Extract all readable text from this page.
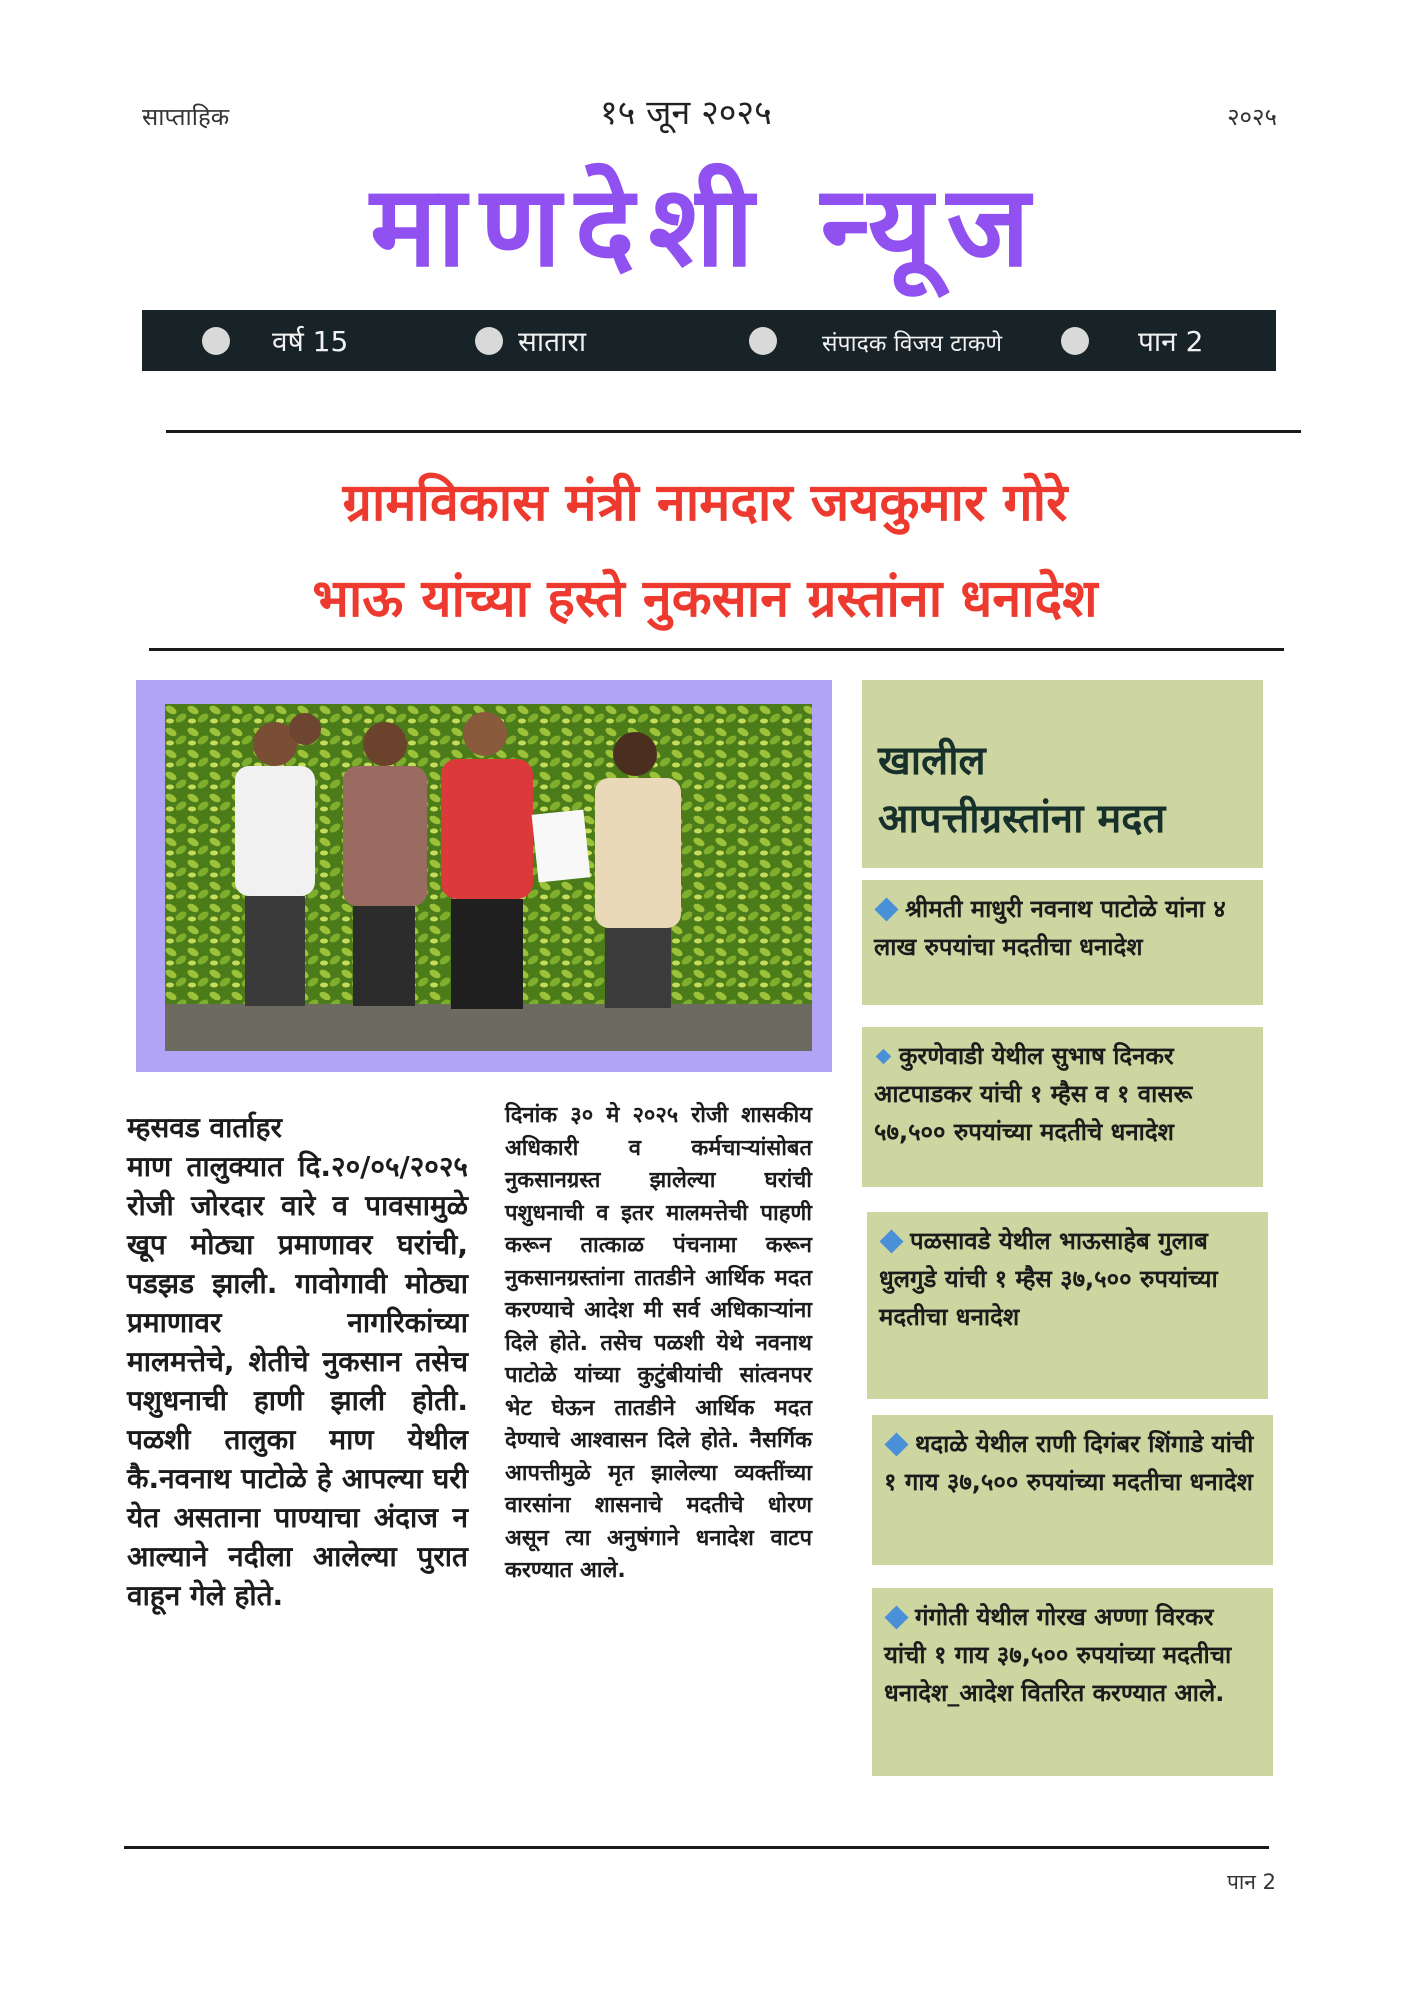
साप्ताहिक	१५ जून २०२५	२०२५
माणदेशी न्यूज
वर्ष 15	सातारा	संपादक विजय टाकणे	पान 2
ग्रामविकास मंत्री नामदार जयकुमार गोरे
भाऊ यांच्या हस्ते नुकसान ग्रस्तांना धनादेश
म्हसवड वार्ताहर
माण तालुक्यात दि.२०/०५/२०२५ रोजी जोरदार वारे व पावसामुळे खूप मोठ्या प्रमाणावर घरांची, पडझड झाली. गावोगावी मोठ्या प्रमाणावर नागरिकांच्या मालमत्तेचे, शेतीचे नुकसान तसेच पशुधनाची हाणी झाली होती. पळशी तालुका माण येथील कै.नवनाथ पाटोळे हे आपल्या घरी येत असताना पाण्याचा अंदाज न आल्याने नदीला आलेल्या पुरात वाहून गेले होते.
दिनांक ३० मे २०२५ रोजी शासकीय अधिकारी व कर्मचाऱ्यांसोबत नुकसानग्रस्त झालेल्या घरांची पशुधनाची व इतर मालमत्तेची पाहणी करून तात्काळ पंचनामा करून नुकसानग्रस्तांना तातडीने आर्थिक मदत करण्याचे आदेश मी सर्व अधिकाऱ्यांना दिले होते. तसेच पळशी येथे नवनाथ पाटोळे यांच्या कुटुंबीयांची सांत्वनपर भेट घेऊन तातडीने आर्थिक मदत देण्याचे आश्वासन दिले होते. नैसर्गिक आपत्तीमुळे मृत झालेल्या व्यक्तींच्या वारसांना शासनाचे मदतीचे धोरण असून त्या अनुषंगाने धनादेश वाटप करण्यात आले.
खालील
आपत्तीग्रस्तांना मदत
श्रीमती माधुरी नवनाथ पाटोळे यांना ४ लाख रुपयांचा मदतीचा धनादेश
कुरणेवाडी येथील सुभाष दिनकर आटपाडकर यांची १ म्हैस व १ वासरू ५७,५०० रुपयांच्या मदतीचे धनादेश
पळसावडे येथील भाऊसाहेब गुलाब धुलगुडे यांची १ म्हैस ३७,५०० रुपयांच्या मदतीचा धनादेश
थदाळे येथील राणी दिगंबर शिंगाडे यांची १ गाय ३७,५०० रुपयांच्या मदतीचा धनादेश
गंगोती येथील गोरख अण्णा विरकर यांची १ गाय ३७,५०० रुपयांच्या मदतीचा धनादेश_आदेश वितरित करण्यात आले.
पान 2
